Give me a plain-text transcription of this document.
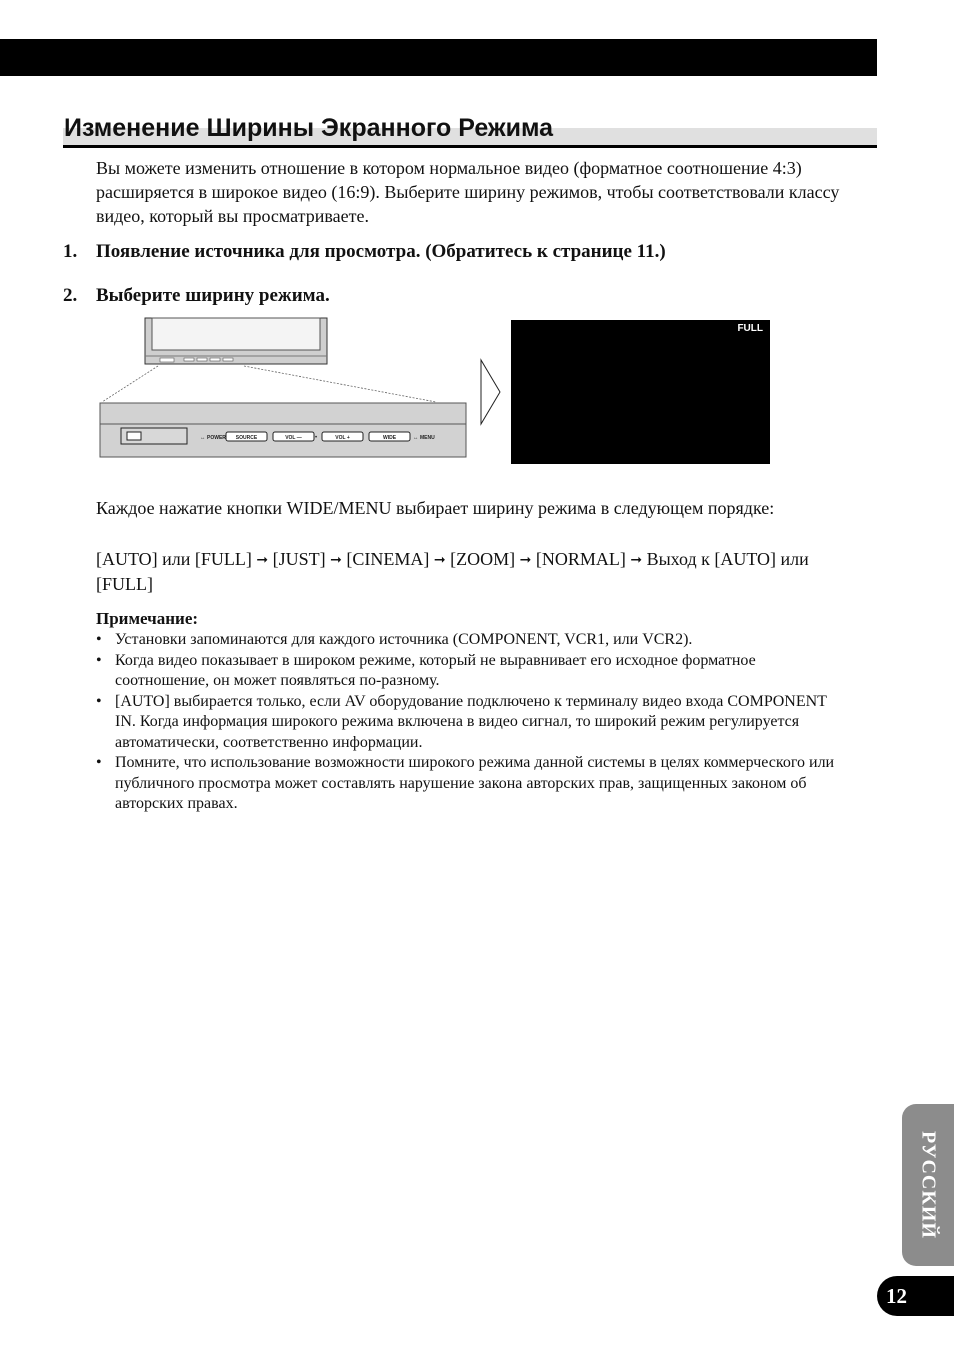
Изменение Ширины Экранного Режима

Вы можете изменить отношение в котором нормальное видео (форматное соотношение 4:3) расширяется в широкое видео (16:9). Выберите ширину режимов, чтобы соответствовали классу видео, который вы просматриваете.

1. Появление источника для просмотра. (Обратитесь к странице 11.)

2. Выберите ширину режима.

↔ POWER SOURCE	VOL — •	VOL +	WIDE	↔ MENU
FULL

Каждое нажатие кнопки WIDE/MENU выбирает ширину режима в следующем порядке:

[AUTO] или [FULL] ➞ [JUST] ➞ [CINEMA] ➞ [ZOOM] ➞ [NORMAL] ➞ Выход к [AUTO] или [FULL]

Примечание:

• Установки запоминаются для каждого источника (COMPONENT, VCR1, или VCR2).
• Когда видео показывает в широком режиме, который не выравнивает его исходное форматное соотношение, он может появляться по-разному.
• [AUTO] выбирается только, если AV оборудование подключено к терминалу видео входа COMPONENT IN. Когда информация широкого режима включена в видео сигнал, то широкий режим регулируется автоматически, соответственно информации.
• Помните, что использование возможности широкого режима данной системы в целях коммерческого или публичного просмотра может составлять нарушение закона авторских прав, защищенных законом об авторских правах.
РУССКИЙ
12
